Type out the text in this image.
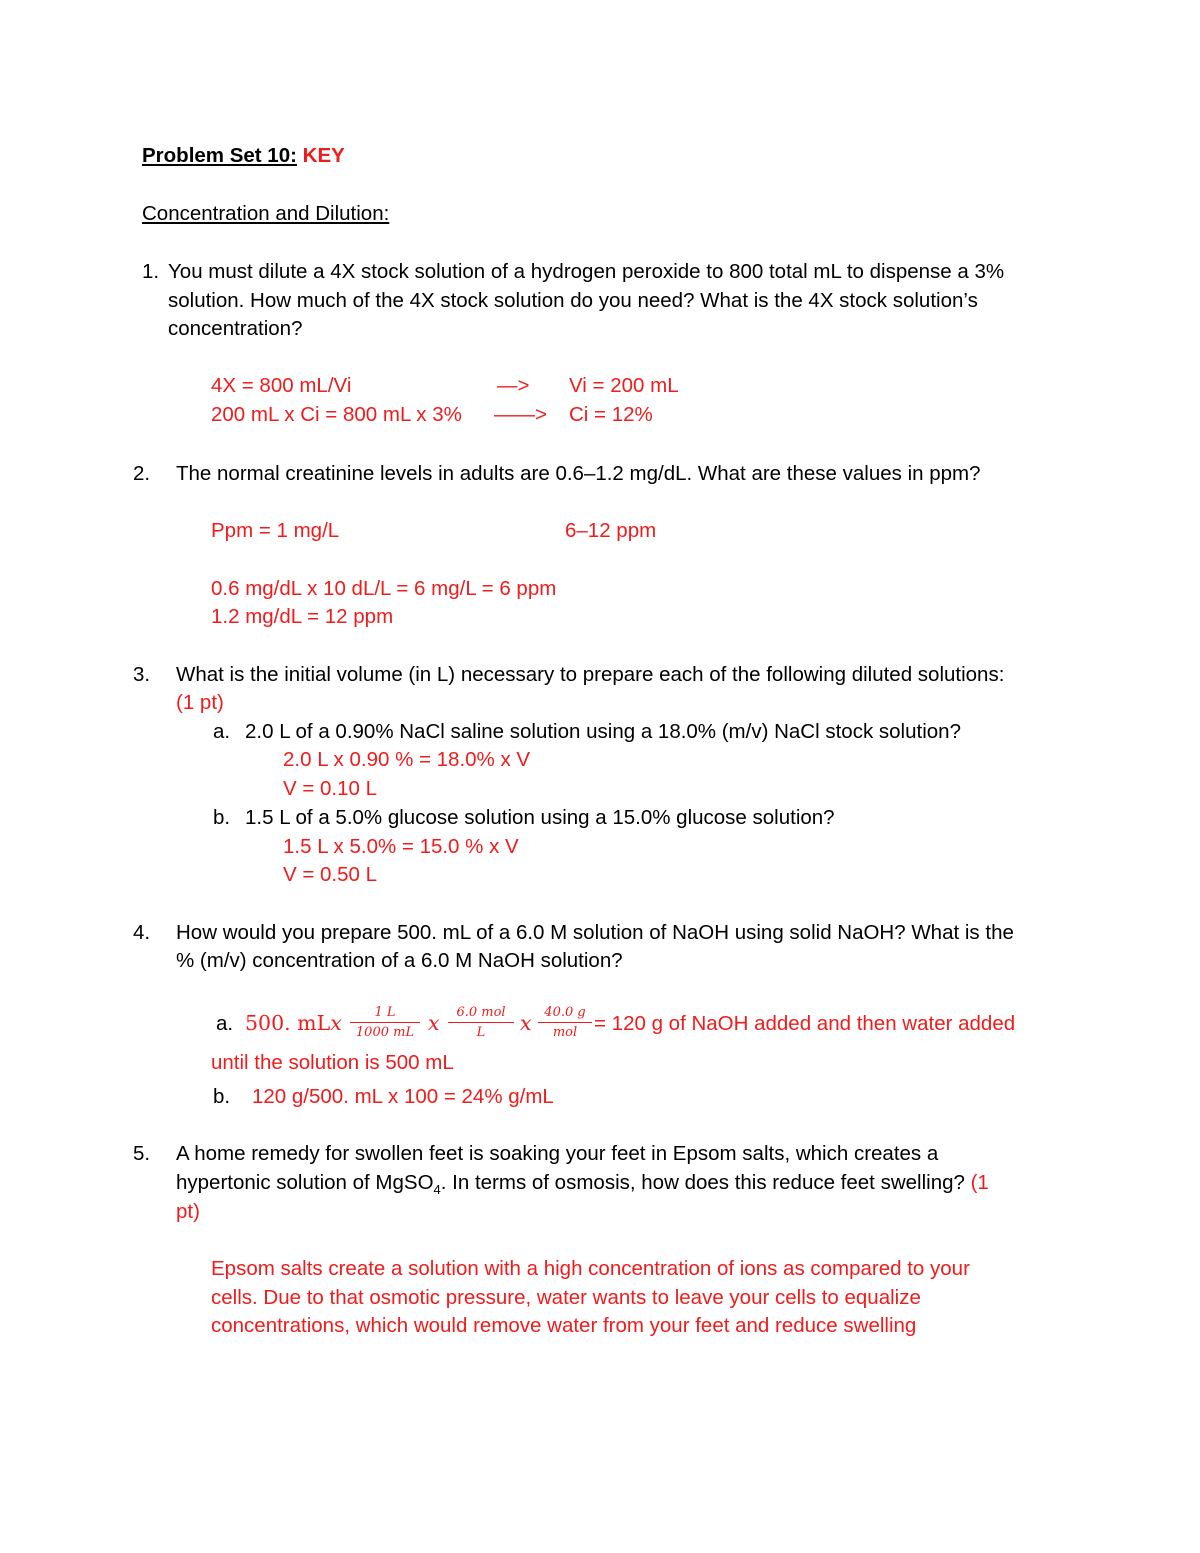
Problem Set 10: KEY
Concentration and Dilution:
1. You must dilute a 4X stock solution of a hydrogen peroxide to 800 total mL to dispense a 3%
solution. How much of the 4X stock solution do you need? What is the 4X stock solution’s
concentration?
4X = 800 mL/Vi	—> Vi = 200 mL
200 mL x Ci = 800 mL x 3% ——> Ci = 12%
2. The normal creatinine levels in adults are 0.6–1.2 mg/dL. What are these values in ppm?
Ppm = 1 mg/L	6–12 ppm
0.6 mg/dL x 10 dL/L = 6 mg/L = 6 ppm
1.2 mg/dL = 12 ppm
3. What is the initial volume (in L) necessary to prepare each of the following diluted solutions:
(1 pt)
a. 2.0 L of a 0.90% NaCl saline solution using a 18.0% (m/v) NaCl stock solution?
2.0 L x 0.90 % = 18.0% x V
V = 0.10 L
b. 1.5 L of a 5.0% glucose solution using a 15.0% glucose solution?
1.5 L x 5.0% = 15.0 % x V
V = 0.50 L
4. How would you prepare 500. mL of a 6.0 M solution of NaOH using solid NaOH? What is the
% (m/v) concentration of a 6.0 M NaOH solution?
a. 500. mLx $\frac{1 L}{1000 mL}$ x	6.0 mol
L	x 40.0 g
mol = 120 g of NaOH added and then water added
until the solution is 500 mL
b. 120 g/500. mL x 100 = 24% g/mL
5. A home remedy for swollen feet is soaking your feet in Epsom salts, which creates a
hypertonic solution of MgSO$_4$. In terms of osmosis, how does this reduce feet swelling? (1
pt)
Epsom salts create a solution with a high concentration of ions as compared to your
cells. Due to that osmotic pressure, water wants to leave your cells to equalize
concentrations, which would remove water from your feet and reduce swelling
